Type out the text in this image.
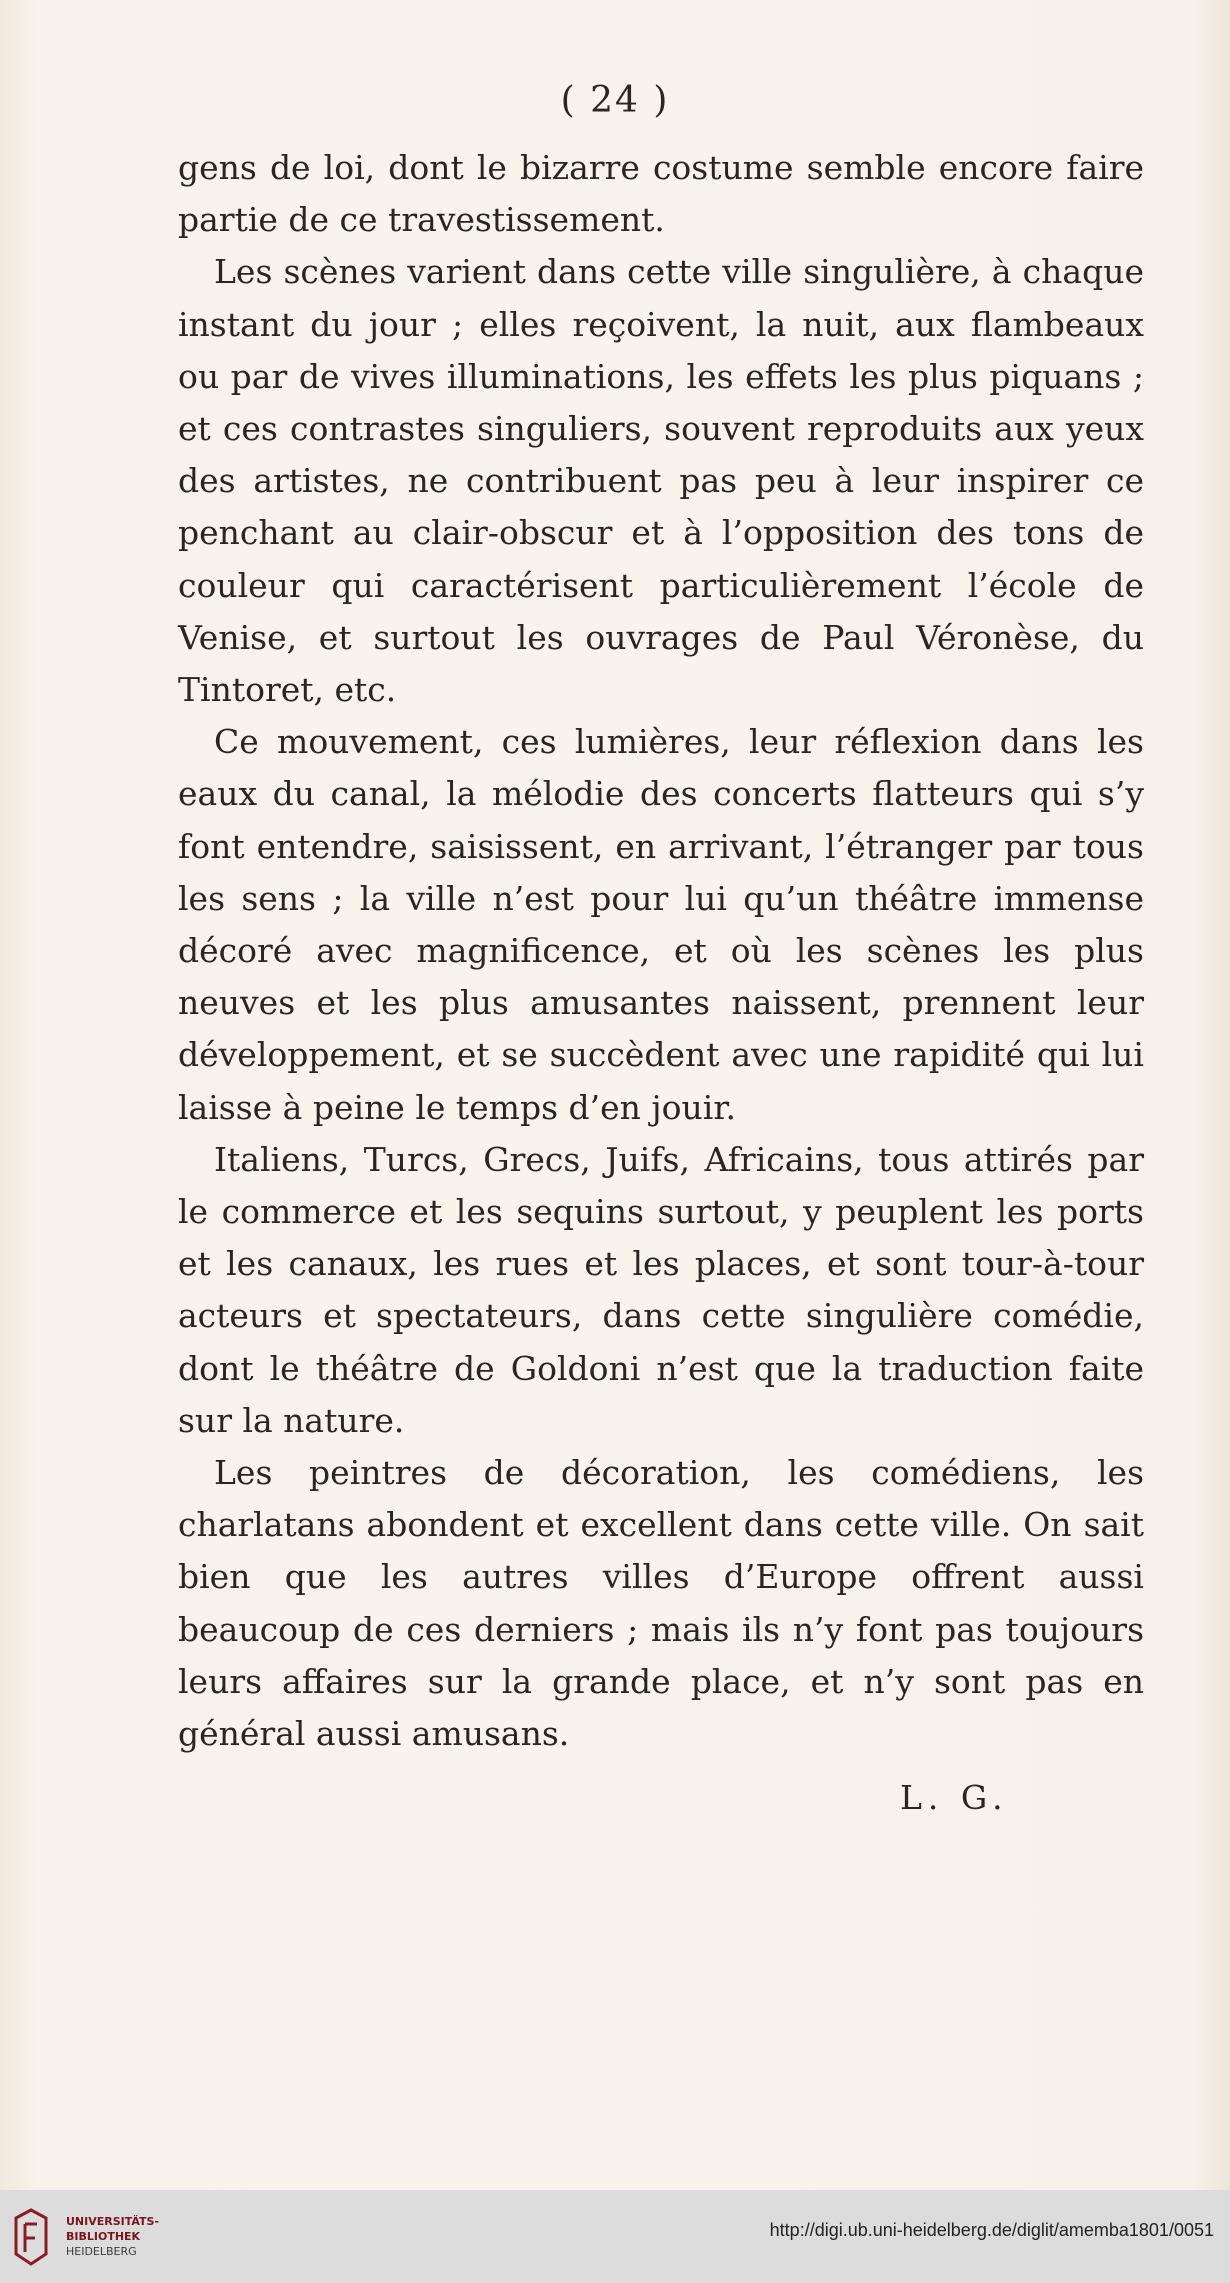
( 24 )

gens de loi, dont le bizarre costume semble encore faire partie de ce travestissement.

Les scènes varient dans cette ville singulière, à chaque instant du jour ; elles reçoivent, la nuit, aux flambeaux ou par de vives illuminations, les effets les plus piquans ; et ces contrastes singuliers, souvent reproduits aux yeux des artistes, ne contribuent pas peu à leur inspirer ce penchant au clair-obscur et à l’opposition des tons de couleur qui caractérisent particulièrement l’école de Venise, et surtout les ouvrages de Paul Véronèse, du Tintoret, etc.

Ce mouvement, ces lumières, leur réflexion dans les eaux du canal, la mélodie des concerts flatteurs qui s’y font entendre, saisissent, en arrivant, l’étranger par tous les sens ; la ville n’est pour lui qu’un théâtre immense décoré avec magnificence, et où les scènes les plus neuves et les plus amusantes naissent, prennent leur développement, et se succèdent avec une rapidité qui lui laisse à peine le temps d’en jouir.

Italiens, Turcs, Grecs, Juifs, Africains, tous attirés par le commerce et les sequins surtout, y peuplent les ports et les canaux, les rues et les places, et sont tour-à-tour acteurs et spectateurs, dans cette singulière comédie, dont le théâtre de Goldoni n’est que la traduction faite sur la nature.

Les peintres de décoration, les comédiens, les charlatans abondent et excellent dans cette ville. On sait bien que les autres villes d’Europe offrent aussi beaucoup de ces derniers ; mais ils n’y font pas toujours leurs affaires sur la grande place, et n’y sont pas en général aussi amusans.

L. G.
UNIVERSITÄTS-
BIBLIOTHEK
HEIDELBERG
http://digi.ub.uni-heidelberg.de/diglit/amemba1801/0051
